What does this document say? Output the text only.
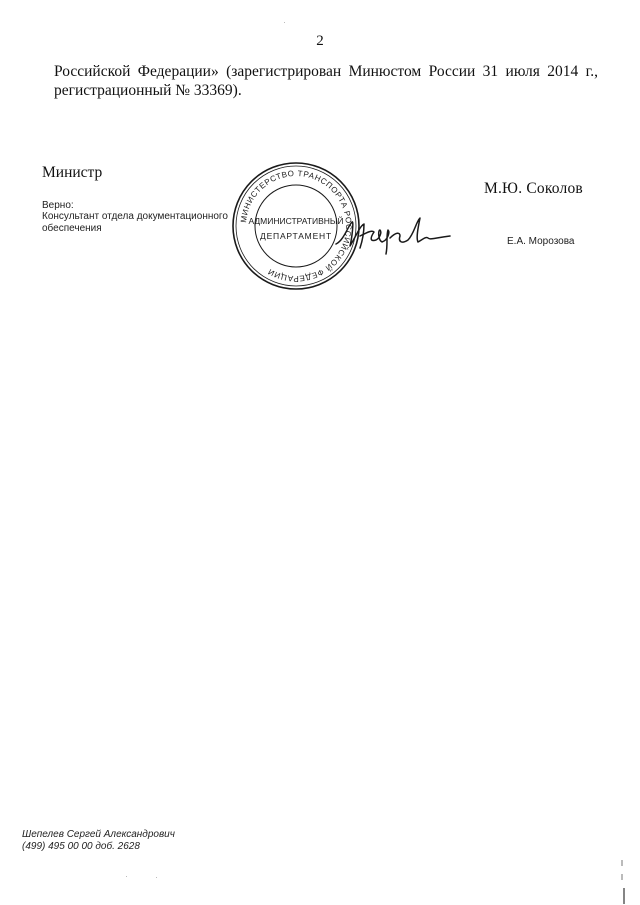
2
Российской Федерации» (зарегистрирован Минюстом России 31 июля 2014 г.,
регистрационный № 33369).
Министр
М.Ю. Соколов
Верно:
Консультант отдела документационного обеспечения
Е.А. Морозова
МИНИСТЕРСТВО ТРАНСПОРТА РОССИЙСКОЙ ФЕДЕРАЦИИ
АДМИНИСТРАТИВНЫЙ
ДЕПАРТАМЕНТ
Шепелев Сергей Александрович
(499) 495 00 00 доб. 2628
